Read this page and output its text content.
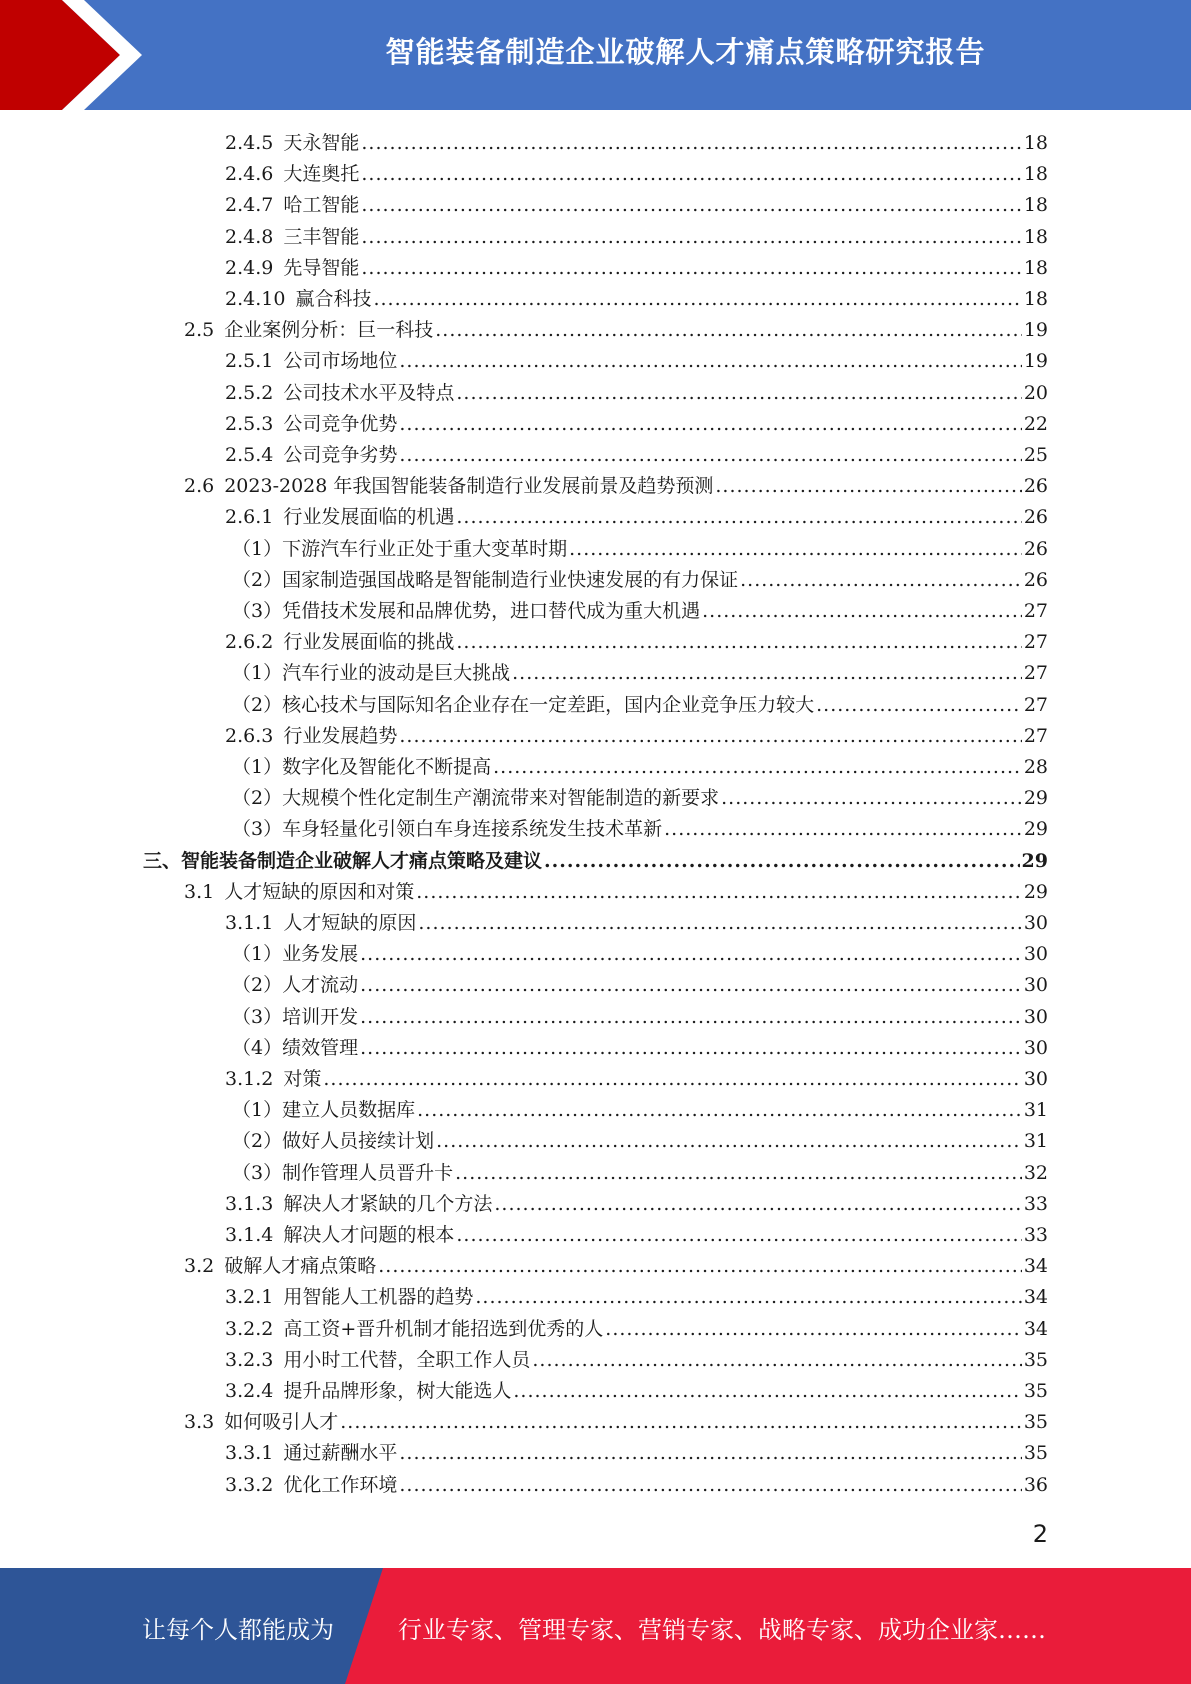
智能装备制造企业破解人才痛点策略研究报告
2.4.5 天永智能 .....	18
2.4.6 大连奥托 .....	18
2.4.7 哈工智能 .....	18
2.4.8 三丰智能 .....	18
2.4.9 先导智能 .....	18
2.4.10 赢合科技 .....	18
2.5 企业案例分析：巨一科技 .....	19
2.5.1 公司市场地位 .....	19
2.5.2 公司技术水平及特点 .....	20
2.5.3 公司竞争优势 .....	22
2.5.4 公司竞争劣势 .....	25
2.6 2023-2028 年我国智能装备制造行业发展前景及趋势预测 .....	26
2.6.1 行业发展面临的机遇 .....	26
（1） 下游汽车行业正处于重大变革时期 .....	26
（2） 国家制造强国战略是智能制造行业快速发展的有力保证 .....	26
（3） 凭借技术发展和品牌优势，进口替代成为重大机遇 .....	27
2.6.2 行业发展面临的挑战 .....	27
（1） 汽车行业的波动是巨大挑战 .....	27
（2） 核心技术与国际知名企业存在一定差距，国内企业竞争压力较大 .....	27
2.6.3 行业发展趋势 .....	27
（1） 数字化及智能化不断提高 .....	28
（2） 大规模个性化定制生产潮流带来对智能制造的新要求 .....	29
（3） 车身轻量化引领白车身连接系统发生技术革新 .....	29
三、 智能装备制造企业破解人才痛点策略及建议 .....	29
3.1 人才短缺的原因和对策 .....	29
3.1.1 人才短缺的原因 .....	30
（1） 业务发展 .....	30
（2） 人才流动 .....	30
（3） 培训开发 .....	30
（4） 绩效管理 .....	30
3.1.2 对策 .....	30
（1） 建立人员数据库 .....	31
（2） 做好人员接续计划 .....	31
（3） 制作管理人员晋升卡 .....	32
3.1.3 解决人才紧缺的几个方法 .....	33
3.1.4 解决人才问题的根本 .....	33
3.2 破解人才痛点策略 .....	34
3.2.1 用智能人工机器的趋势 .....	34
3.2.2 高工资+晋升机制才能招选到优秀的人 .....	34
3.2.3 用小时工代替，全职工作人员 .....	35
3.2.4 提升品牌形象，树大能选人 .....	35
3.3 如何吸引人才 .....	35
3.3.1 通过薪酬水平 .....	35
3.3.2 优化工作环境 .....	36
2
让每个人都能成为	行业专家、管理专家、营销专家、战略专家、成功企业家……
